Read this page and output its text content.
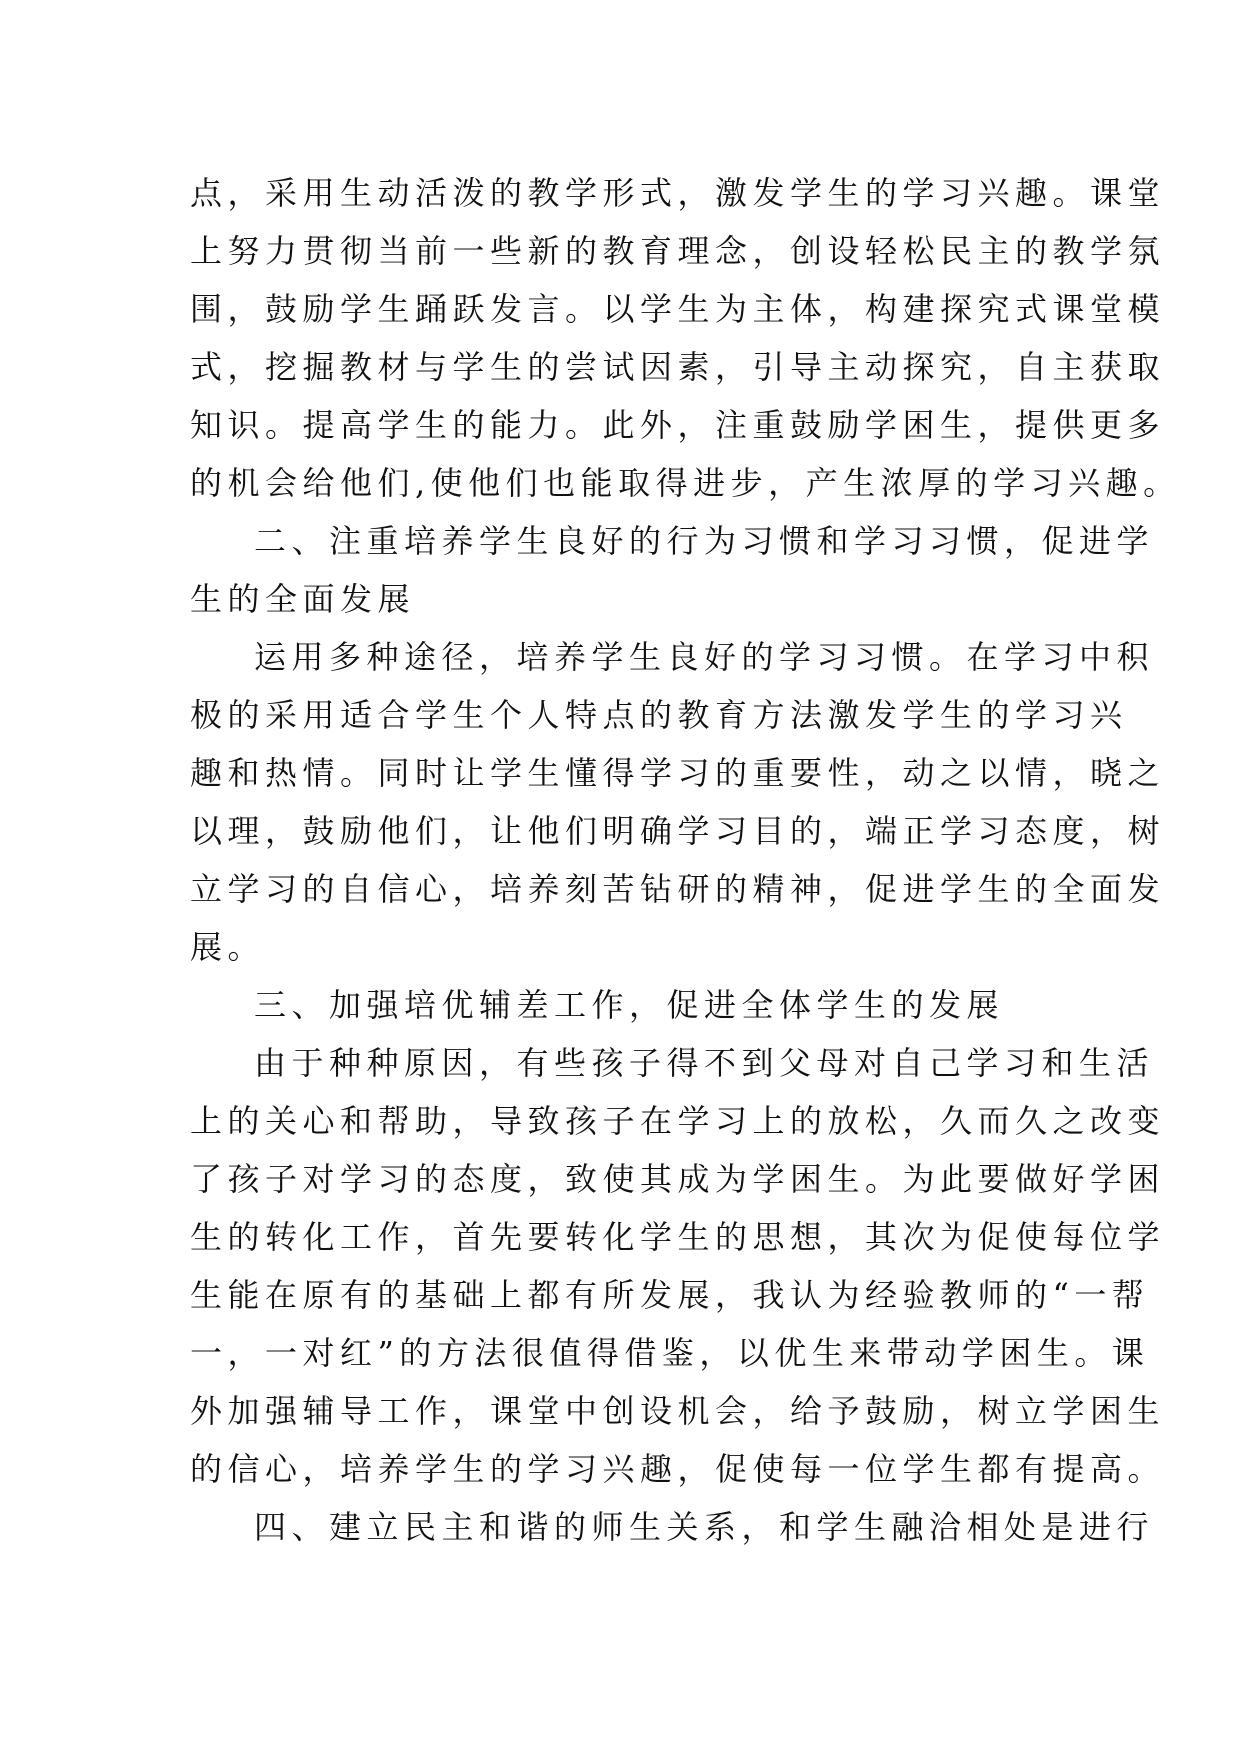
点，采用生动活泼的教学形式，激发学生的学习兴趣。课堂
上努力贯彻当前一些新的教育理念，创设轻松民主的教学氛
围，鼓励学生踊跃发言。以学生为主体，构建探究式课堂模
式，挖掘教材与学生的尝试因素，引导主动探究，自主获取
知识。提高学生的能力。此外，注重鼓励学困生，提供更多
的机会给他们,使他们也能取得进步，产生浓厚的学习兴趣。
二、注重培养学生良好的行为习惯和学习习惯，促进学
生的全面发展
运用多种途径，培养学生良好的学习习惯。在学习中积
极的采用适合学生个人特点的教育方法激发学生的学习兴
趣和热情。同时让学生懂得学习的重要性，动之以情，晓之
以理，鼓励他们，让他们明确学习目的，端正学习态度，树
立学习的自信心，培养刻苦钻研的精神，促进学生的全面发
展。
三、加强培优辅差工作，促进全体学生的发展
由于种种原因，有些孩子得不到父母对自己学习和生活
上的关心和帮助，导致孩子在学习上的放松，久而久之改变
了孩子对学习的态度，致使其成为学困生。为此要做好学困
生的转化工作，首先要转化学生的思想，其次为促使每位学
生能在原有的基础上都有所发展，我认为经验教师的“一帮
一，一对红”的方法很值得借鉴，以优生来带动学困生。课
外加强辅导工作，课堂中创设机会，给予鼓励，树立学困生
的信心，培养学生的学习兴趣，促使每一位学生都有提高。
四、建立民主和谐的师生关系，和学生融洽相处是进行
